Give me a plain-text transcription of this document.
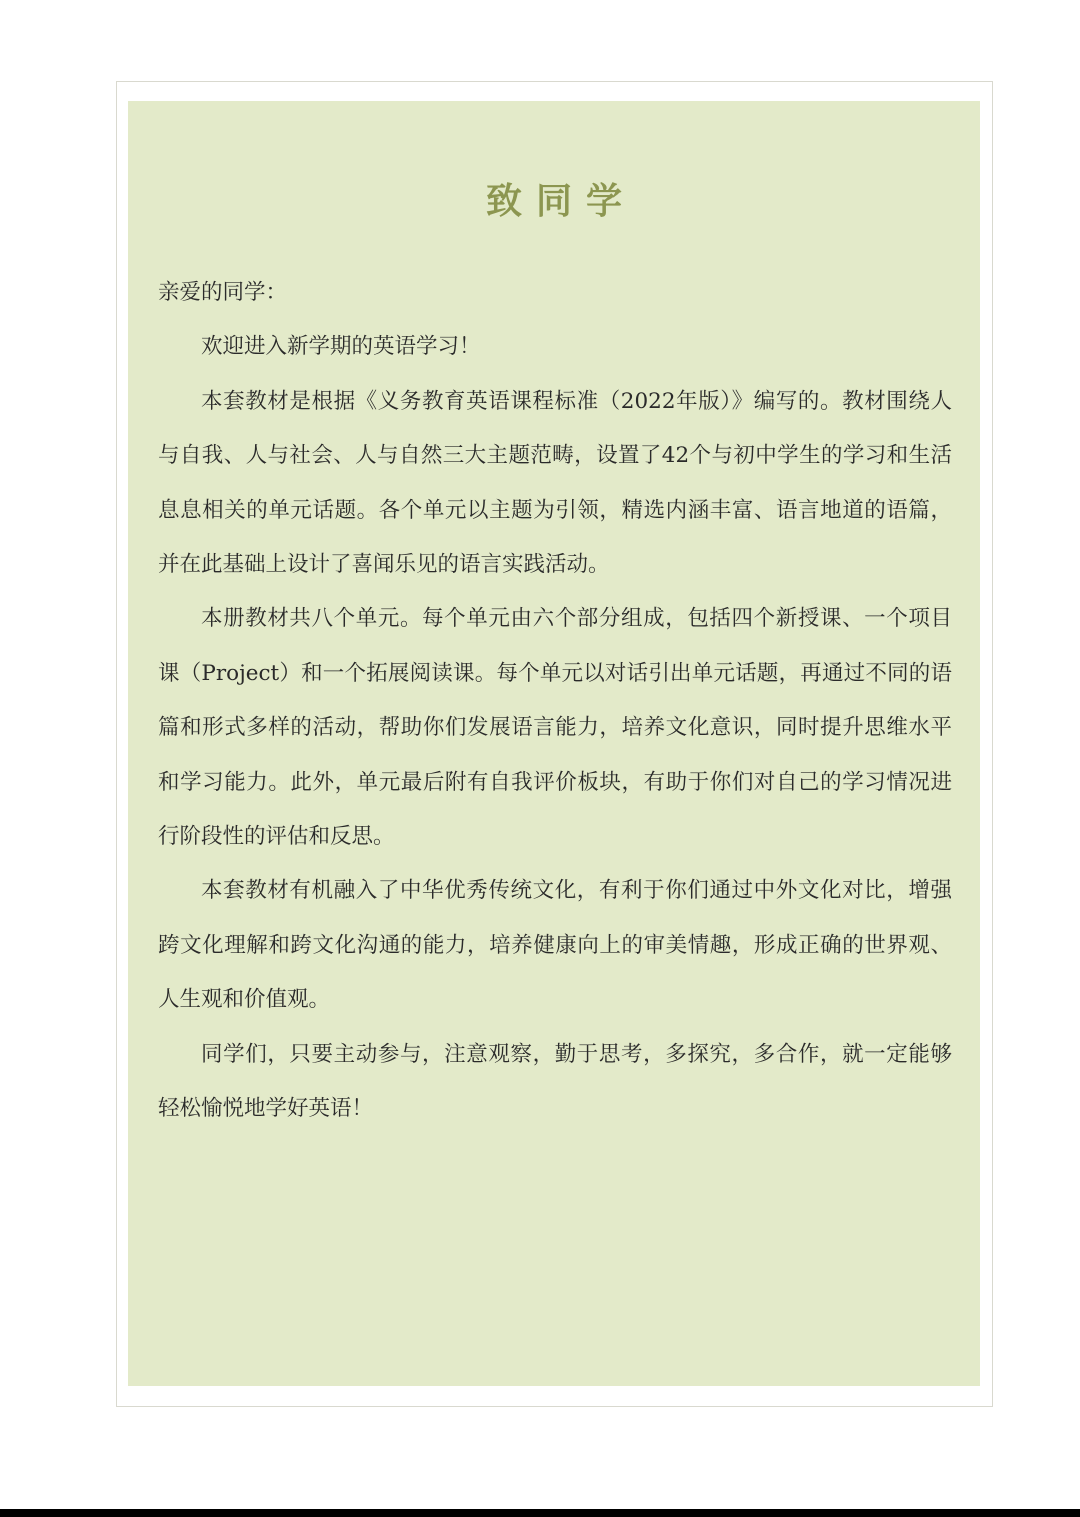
致同学

亲爱的同学：

欢迎进入新学期的英语学习！

本套教材是根据《义务教育英语课程标准（2022年版）》编写的。教材围绕人与自我、人与社会、人与自然三大主题范畴，设置了42个与初中学生的学习和生活息息相关的单元话题。各个单元以主题为引领，精选内涵丰富、语言地道的语篇，并在此基础上设计了喜闻乐见的语言实践活动。

本册教材共八个单元。每个单元由六个部分组成，包括四个新授课、一个项目课（Project）和一个拓展阅读课。每个单元以对话引出单元话题，再通过不同的语篇和形式多样的活动，帮助你们发展语言能力，培养文化意识，同时提升思维水平和学习能力。此外，单元最后附有自我评价板块，有助于你们对自己的学习情况进行阶段性的评估和反思。

本套教材有机融入了中华优秀传统文化，有利于你们通过中外文化对比，增强跨文化理解和跨文化沟通的能力，培养健康向上的审美情趣，形成正确的世界观、人生观和价值观。

同学们，只要主动参与，注意观察，勤于思考，多探究，多合作，就一定能够轻松愉悦地学好英语！
